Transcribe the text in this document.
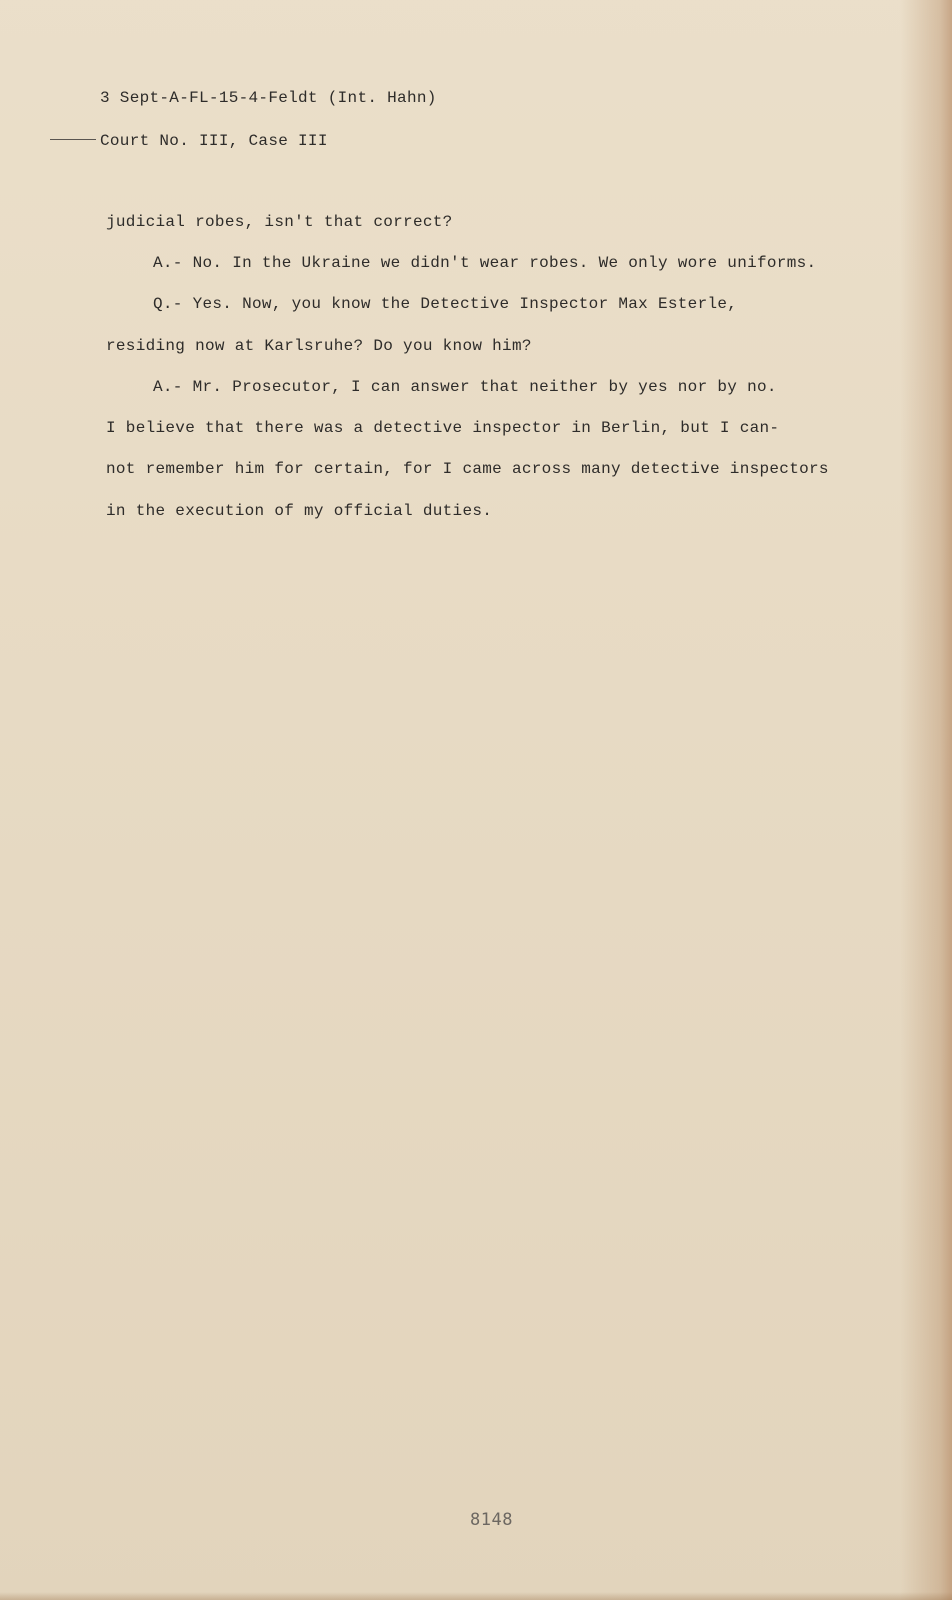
3 Sept-A-FL-15-4-Feldt (Int. Hahn)
Court No. III, Case III
judicial robes, isn't that correct?
A.- No. In the Ukraine we didn't wear robes. We only wore uniforms.
Q.- Yes. Now, you know the Detective Inspector Max Esterle,
residing now at Karlsruhe? Do you know him?
A.- Mr. Prosecutor, I can answer that neither by yes nor by no.
I believe that there was a detective inspector in Berlin, but I can-
not remember him for certain, for I came across many detective inspectors
in the execution of my official duties.
8148
